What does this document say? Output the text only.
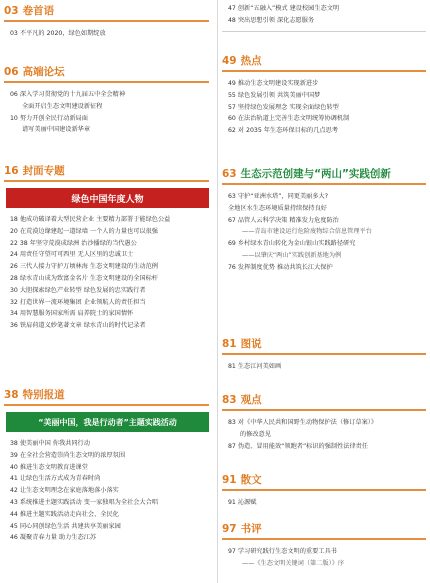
03 卷首语
03 不平凡的 2020，绿色如期绽放
06 高端论坛
06 深入学习贯彻党的十九届五中全会精神
全面开启生态文明建设新征程
10 努力开创全民行动新局面
谱写美丽中国建设新华章
16 封面专题
绿色中国年度人物
18 他成功破译着大型民营企业 主要精力部署于能绿色公益
20 在荒漠边缘建起一道绿墙 一个人的力量也可以很强
22 38 年坚守荒漠成绿洲 治沙播绿的当代愚公
24 用责任守望可可西里 无人区里的忠诚卫士
26 三代人接力守护万顷林海 生态文明建设的生动范例
28 绿水青山成为致富金名片 生态文明建设的全国标杆
30 大胆探索绿色产业转型 绿色发展的忠实践行者
32 打造世界一流环境集团 企业领航人的责任担当
34 用智慧服务国家所需 肩养院士的家国情怀
36 铁肩荷道义妙笔著文章 绿水青山的时代记录者
38 特别报道
“美丽中国，我是行动者”主题实践活动
38 使美丽中国 你我共同行动
39 在全社会营造崇尚生态文明的浓厚氛围
40 推进生态文明教育进课堂
41 让绿色生活方式成为青春时尚
42 让生态文明理念在家庭落地落小落实
43 系统推进主题实践活动 变一家独唱为全社会大合唱
44 推进主题实践活动走向社会、全民化
45 同心同创绿色生活 共建共享美丽家园
46 凝聚青春力量 助力生态江苏
47 创新“五融入”模式 建设校园生态文明
48 突出思想引领 深化志愿服务
49 热点
49 推动生态文明建设实现新进步
55 绿色发展引领 共筑美丽中国梦
57 坚持绿色发展理念 实现全面绿色转型
60 在法治轨道上完善生态文明统筹协调机制
62 对 2035 年生态环保目标的几点思考
63 生态示范创建与“两山”实践创新
63 守护“亚洲水塔”，同更美丽多大?
全地区水生态环境质量持续保持良好
67 品管人云科学决策 精准发力危度防治
——青岛市建设运行危险废物综合信息管理平台
69 乡村绿水青山转化为金山银山实践路径研究
——以肇庆“两山”实践创新基地为例
76 发挥制度优势 推动共筑长江大保护
81 图说
81 生态江河美如画
83 观点
83 对《中华人民共和国野生动物保护法（修订草案）》
的修改意见
87 伪造、冒用能效“领跑者”标识的强制性法律责任
91 散文
91 沁源赋
97 书评
97 学习研究践行生态文明的重要工具书
——《生态文明关键词（第二版）》序
